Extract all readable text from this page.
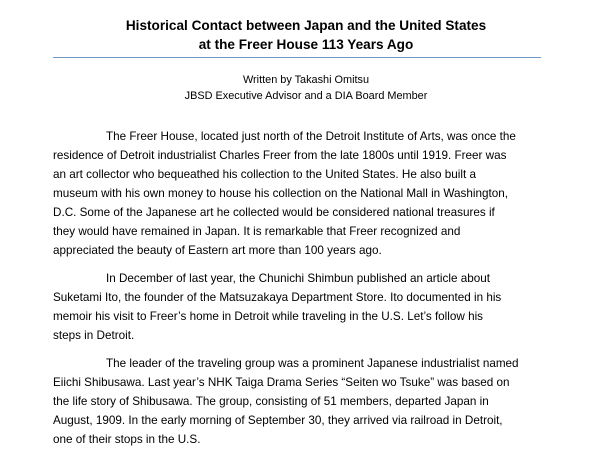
Historical Contact between Japan and the United States
at the Freer House 113 Years Ago
Written by Takashi Omitsu
JBSD Executive Advisor and a DIA Board Member

The Freer House, located just north of the Detroit Institute of Arts, was once the
residence of Detroit industrialist Charles Freer from the late 1800s until 1919. Freer was
an art collector who bequeathed his collection to the United States. He also built a
museum with his own money to house his collection on the National Mall in Washington,
D.C. Some of the Japanese art he collected would be considered national treasures if
they would have remained in Japan. It is remarkable that Freer recognized and
appreciated the beauty of Eastern art more than 100 years ago.

In December of last year, the Chunichi Shimbun published an article about
Suketami Ito, the founder of the Matsuzakaya Department Store. Ito documented in his
memoir his visit to Freer’s home in Detroit while traveling in the U.S. Let’s follow his
steps in Detroit.

The leader of the traveling group was a prominent Japanese industrialist named
Eiichi Shibusawa. Last year’s NHK Taiga Drama Series “Seiten wo Tsuke” was based on
the life story of Shibusawa. The group, consisting of 51 members, departed Japan in
August, 1909. In the early morning of September 30, they arrived via railroad in Detroit,
one of their stops in the U.S.
